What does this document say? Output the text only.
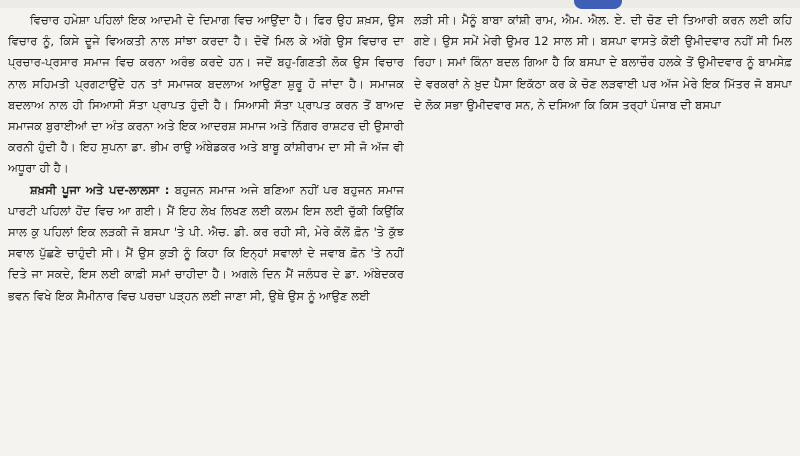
ਵਿਚਾਰ ਹਮੇਸ਼ਾ ਪਹਿਲਾਂ ਇਕ ਆਦਮੀ ਦੇ ਦਿਮਾਗ ਵਿਚ ਆਉਂਦਾ ਹੈ। ਫਿਰ ਉਹ ਸ਼ਖ਼ਸ, ਉਸ ਵਿਚਾਰ ਨੂੰ, ਕਿਸੇ ਦੂਜੇ ਵਿਅਕਤੀ ਨਾਲ ਸਾਂਝਾ ਕਰਦਾ ਹੈ। ਦੋਵੇਂ ਮਿਲ ਕੇ ਅੱਗੇ ਉਸ ਵਿਚਾਰ ਦਾ ਪ੍ਰਚਾਰ-ਪ੍ਰਸਾਰ ਸਮਾਜ ਵਿਚ ਕਰਨਾ ਅਰੰਭ ਕਰਦੇ ਹਨ। ਜਦੋਂ ਬਹੁ-ਗਿਣਤੀ ਲੋਕ ਉਸ ਵਿਚਾਰ ਨਾਲ ਸਹਿਮਤੀ ਪ੍ਰਗਟਾਉਂਦੇ ਹਨ ਤਾਂ ਸਮਾਜਕ ਬਦਲਾਅ ਆਉਣਾ ਸ਼ੁਰੂ ਹੋ ਜਾਂਦਾ ਹੈ। ਸਮਾਜਕ ਬਦਲਾਅ ਨਾਲ ਹੀ ਸਿਆਸੀ ਸੱਤਾ ਪ੍ਰਾਪਤ ਹੁੰਦੀ ਹੈ। ਸਿਆਸੀ ਸੱਤਾ ਪ੍ਰਾਪਤ ਕਰਨ ਤੋਂ ਬਾਅਦ ਸਮਾਜਕ ਬੁਰਾਈਆਂ ਦਾ ਅੰਤ ਕਰਨਾ ਅਤੇ ਇਕ ਆਦਰਸ਼ ਸਮਾਜ ਅਤੇ ਨਿੱਗਰ ਰਾਸ਼ਟਰ ਦੀ ਉਸਾਰੀ ਕਰਨੀ ਹੁੰਦੀ ਹੈ। ਇਹ ਸੁਪਨਾ ਡਾ. ਭੀਮ ਰਾਉ ਅੰਬੇਡਕਰ ਅਤੇ ਬਾਬੂ ਕਾਂਸ਼ੀਰਾਮ ਦਾ ਸੀ ਜੋ ਅੱਜ ਵੀ ਅਧੂਰਾ ਹੀ ਹੈ।

ਸ਼ਖ਼ਸੀ ਪੂਜਾ ਅਤੇ ਪਦ-ਲਾਲਸਾ : ਬਹੁਜਨ ਸਮਾਜ ਅਜੇ ਬਣਿਆ ਨਹੀਂ ਪਰ ਬਹੁਜਨ ਸਮਾਜ ਪਾਰਟੀ ਪਹਿਲਾਂ ਹੋਂਦ ਵਿਚ ਆ ਗਈ। ਮੈਂ ਇਹ ਲੇਖ ਲਿਖਣ ਲਈ ਕਲਮ ਇਸ ਲਈ ਚੁੱਕੀ ਕਿਉਂਕਿ ਸਾਲ ਕੁ ਪਹਿਲਾਂ ਇਕ ਲੜਕੀ ਜੋ ਬਸਪਾ 'ਤੇ ਪੀ. ਐਚ. ਡੀ. ਕਰ ਰਹੀ ਸੀ, ਮੇਰੇ ਕੋਲੋਂ ਫ਼ੋਨ 'ਤੇ ਕੁੱਝ ਸਵਾਲ ਪੁੱਛਣੇ ਚਾਹੁੰਦੀ ਸੀ। ਮੈਂ ਉਸ ਕੁੜੀ ਨੂੰ ਕਿਹਾ ਕਿ ਇਨ੍ਹਾਂ ਸਵਾਲਾਂ ਦੇ ਜਵਾਬ ਫ਼ੋਨ 'ਤੇ ਨਹੀਂ ਦਿਤੇ ਜਾ ਸਕਦੇ, ਇਸ ਲਈ ਕਾਫ਼ੀ ਸਮਾਂ ਚਾਹੀਦਾ ਹੈ। ਅਗਲੇ ਦਿਨ ਮੈਂ ਜਲੰਧਰ ਦੇ ਡਾ. ਅੰਬੇਦਕਰ ਭਵਨ ਵਿਖੇ ਇਕ ਸੈਮੀਨਾਰ ਵਿਚ ਪਰਚਾ ਪੜ੍ਹਨ ਲਈ ਜਾਣਾ ਸੀ, ਉਥੇ ਉਸ ਨੂੰ ਆਉਣ ਲਈ

ਲੜੀ ਸੀ। ਮੈਨੂੰ ਬਾਬਾ ਕਾਂਸ਼ੀ ਰਾਮ, ਐਮ. ਐਲ. ਏ. ਦੀ ਚੋਣ ਦੀ ਤਿਆਰੀ ਕਰਨ ਲਈ ਕਹਿ ਗਏ। ਉਸ ਸਮੇਂ ਮੇਰੀ ਉਮਰ 12 ਸਾਲ ਸੀ। ਬਸਪਾ ਵਾਸਤੇ ਕੋਈ ਉਮੀਦਵਾਰ ਨਹੀਂ ਸੀ ਮਿਲ ਰਿਹਾ। ਸਮਾਂ ਕਿੰਨਾ ਬਦਲ ਗਿਆ ਹੈ ਕਿ ਬਸਪਾ ਦੇ ਬਲਾਚੌਰ ਹਲਕੇ ਤੋਂ ਉਮੀਦਵਾਰ ਨੂੰ ਬਾਮਸੇਫ਼ ਦੇ ਵਰਕਰਾਂ ਨੇ ਖ਼ੁਦ ਪੈਸਾ ਇਕੱਠਾ ਕਰ ਕੇ ਚੋਣ ਲੜਵਾਈ ਪਰ ਅੱਜ ਮੇਰੇ ਇਕ ਮਿੱਤਰ ਜੋ ਬਸਪਾ ਦੇ ਲੋਕ ਸਭਾ ਉਮੀਦਵਾਰ ਸਨ, ਨੇ ਦਸਿਆ ਕਿ ਕਿਸ ਤਰ੍ਹਾਂ ਪੰਜਾਬ ਦੀ ਬਸਪਾ
